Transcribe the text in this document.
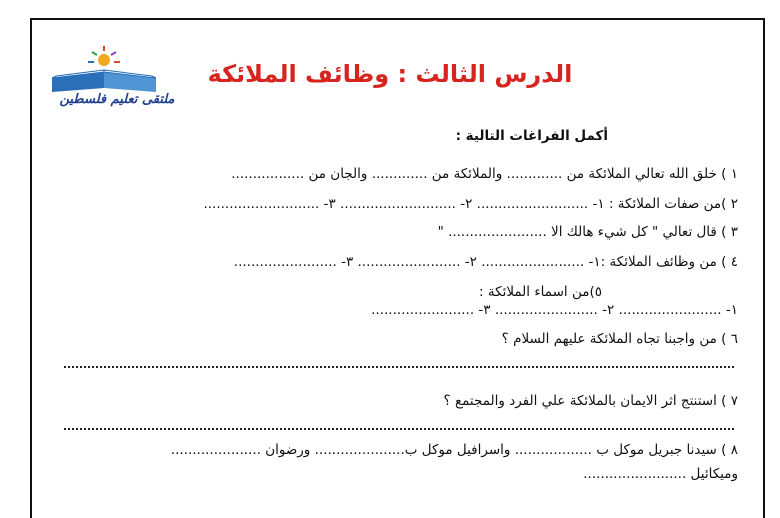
ملتقى تعليم فلسطين
الدرس الثالث : وظائف الملائكة
أكمل الفراغات التالية :
١ ) خلق الله تعالي الملائكة من ............. والملائكة من ............. والجان من .................
٢ )من صفات الملائكة : ١- .......................... ٢- ........................... ٣- ...........................
٣ ) قال تعالي " كل شيء هالك الا ....................... "
٤ ) من وظائف الملائكة :١- ........................ ٢- ........................ ٣- ........................
٥)من اسماء الملائكة :
١- ........................ ٢- ........................ ٣- ........................
٦ ) من واجبنا تجاه الملائكة عليهم السلام ؟
٧ ) استنتج اثر الايمان بالملائكة علي الفرد والمجتمع ؟
٨ ) سيدنا جبريل موكل ب .................. واسرافيل موكل ب..................... ورضوان .....................
وميكائيل ........................
